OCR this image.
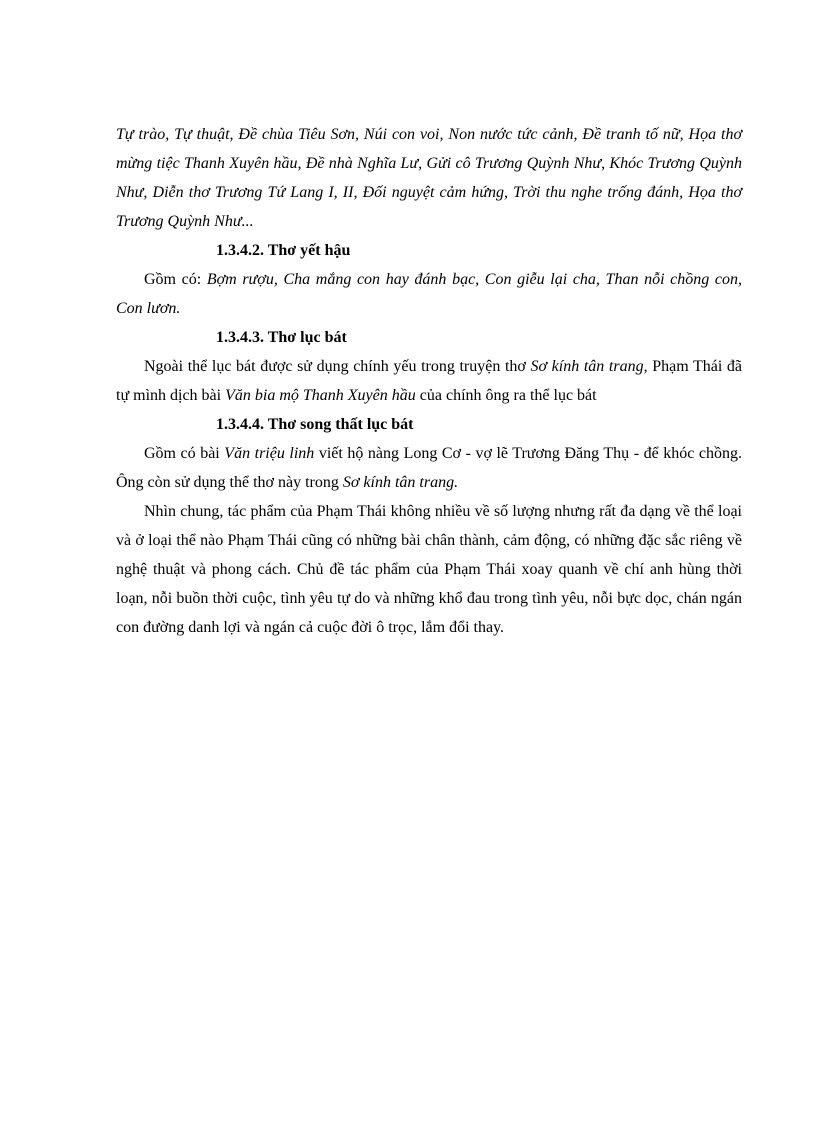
Tự trào, Tự thuật, Đề chùa Tiêu Sơn, Núi con voi, Non nước tức cảnh, Đề tranh tố nữ, Họa thơ mừng tiệc Thanh Xuyên hầu, Đề nhà Nghĩa Lư, Gửi cô Trương Quỳnh Như, Khóc Trương Quỳnh Như, Diễn thơ Trương Tứ Lang I, II, Đối nguyệt cảm hứng, Trời thu nghe trống đánh, Họa thơ Trương Quỳnh Như...

1.3.4.2. Thơ yết hậu

Gồm có: Bợm rượu, Cha mắng con hay đánh bạc, Con giễu lại cha, Than nỗi chồng con, Con lươn.

1.3.4.3. Thơ lục bát

Ngoài thể lục bát được sử dụng chính yếu trong truyện thơ Sơ kính tân trang, Phạm Thái đã tự mình dịch bài Văn bia mộ Thanh Xuyên hầu của chính ông ra thể lục bát

1.3.4.4. Thơ song thất lục bát

Gồm có bài Văn triệu linh viết hộ nàng Long Cơ - vợ lẽ Trương Đăng Thụ - để khóc chồng. Ông còn sử dụng thể thơ này trong Sơ kính tân trang.

Nhìn chung, tác phẩm của Phạm Thái không nhiều về số lượng nhưng rất đa dạng về thể loại và ở loại thể nào Phạm Thái cũng có những bài chân thành, cảm động, có những đặc sắc riêng về nghệ thuật và phong cách. Chủ đề tác phẩm của Phạm Thái xoay quanh về chí anh hùng thời loạn, nỗi buồn thời cuộc, tình yêu tự do và những khổ đau trong tình yêu, nỗi bực dọc, chán ngán con đường danh lợi và ngán cả cuộc đời ô trọc, lắm đổi thay.
